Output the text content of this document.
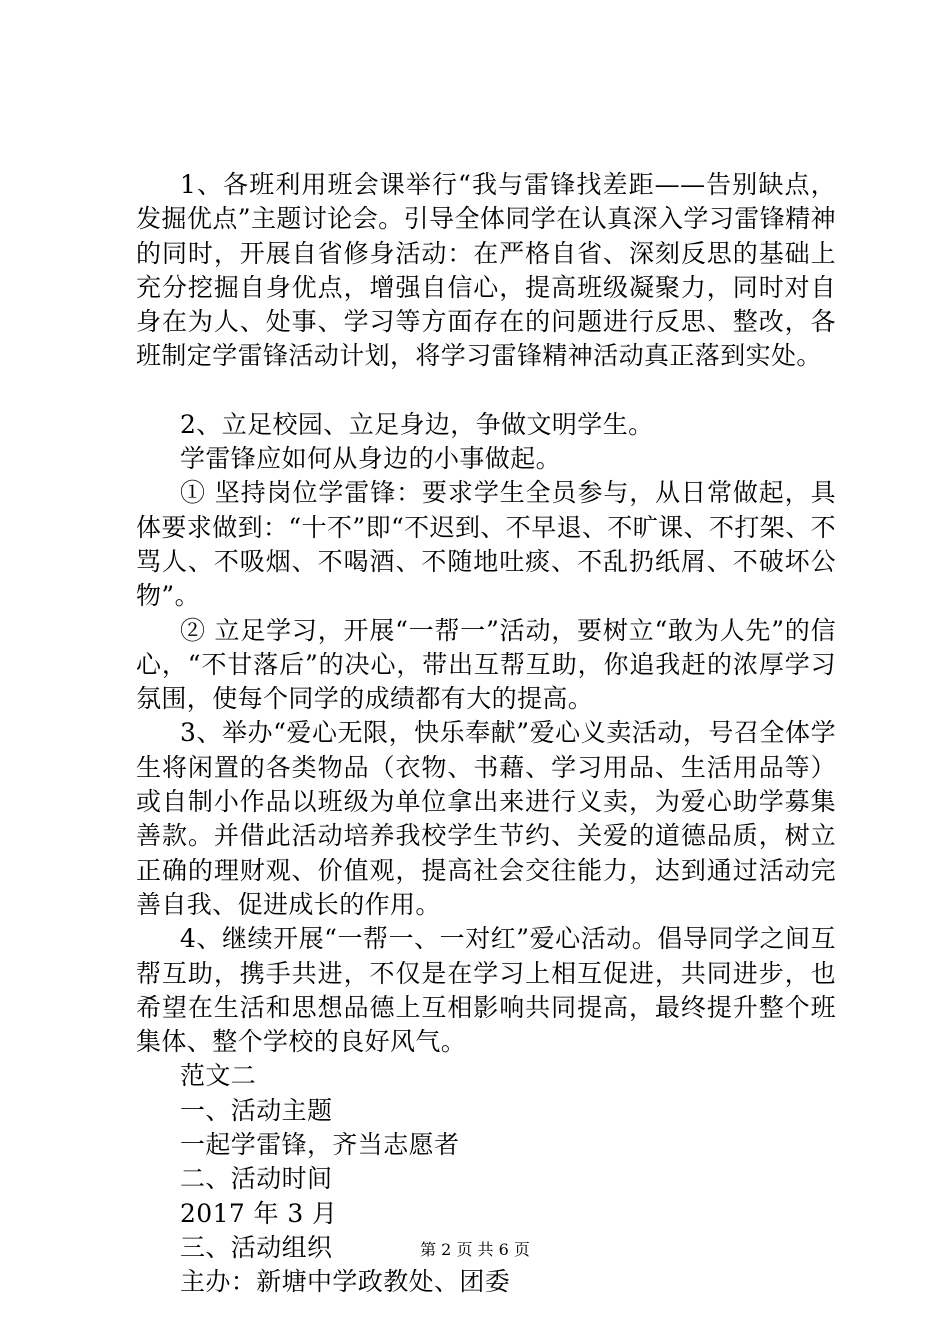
1、各班利用班会课举行“我与雷锋找差距——告别缺点，发掘优点”主题讨论会。引导全体同学在认真深入学习雷锋精神的同时，开展自省修身活动：在严格自省、深刻反思的基础上充分挖掘自身优点，增强自信心，提高班级凝聚力，同时对自身在为人、处事、学习等方面存在的问题进行反思、整改，各班制定学雷锋活动计划，将学习雷锋精神活动真正落到实处。

2、立足校园、立足身边，争做文明学生。

学雷锋应如何从身边的小事做起。

① 坚持岗位学雷锋：要求学生全员参与，从日常做起，具体要求做到：“十不”即“不迟到、不早退、不旷课、不打架、不骂人、不吸烟、不喝酒、不随地吐痰、不乱扔纸屑、不破坏公物”。

② 立足学习，开展“一帮一”活动，要树立“敢为人先”的信心，“不甘落后”的决心，带出互帮互助，你追我赶的浓厚学习氛围，使每个同学的成绩都有大的提高。

3、举办“爱心无限，快乐奉献”爱心义卖活动，号召全体学生将闲置的各类物品（衣物、书藉、学习用品、生活用品等）或自制小作品以班级为单位拿出来进行义卖，为爱心助学募集善款。并借此活动培养我校学生节约、关爱的道德品质，树立正确的理财观、价值观，提高社会交往能力，达到通过活动完善自我、促进成长的作用。

4、继续开展“一帮一、一对红”爱心活动。倡导同学之间互帮互助，携手共进，不仅是在学习上相互促进，共同进步，也希望在生活和思想品德上互相影响共同提高，最终提升整个班集体、整个学校的良好风气。

范文二

一、活动主题

一起学雷锋，齐当志愿者

二、活动时间

2017 年 3 月

三、活动组织

主办：新塘中学政教处、团委

第 2 页 共 6 页
